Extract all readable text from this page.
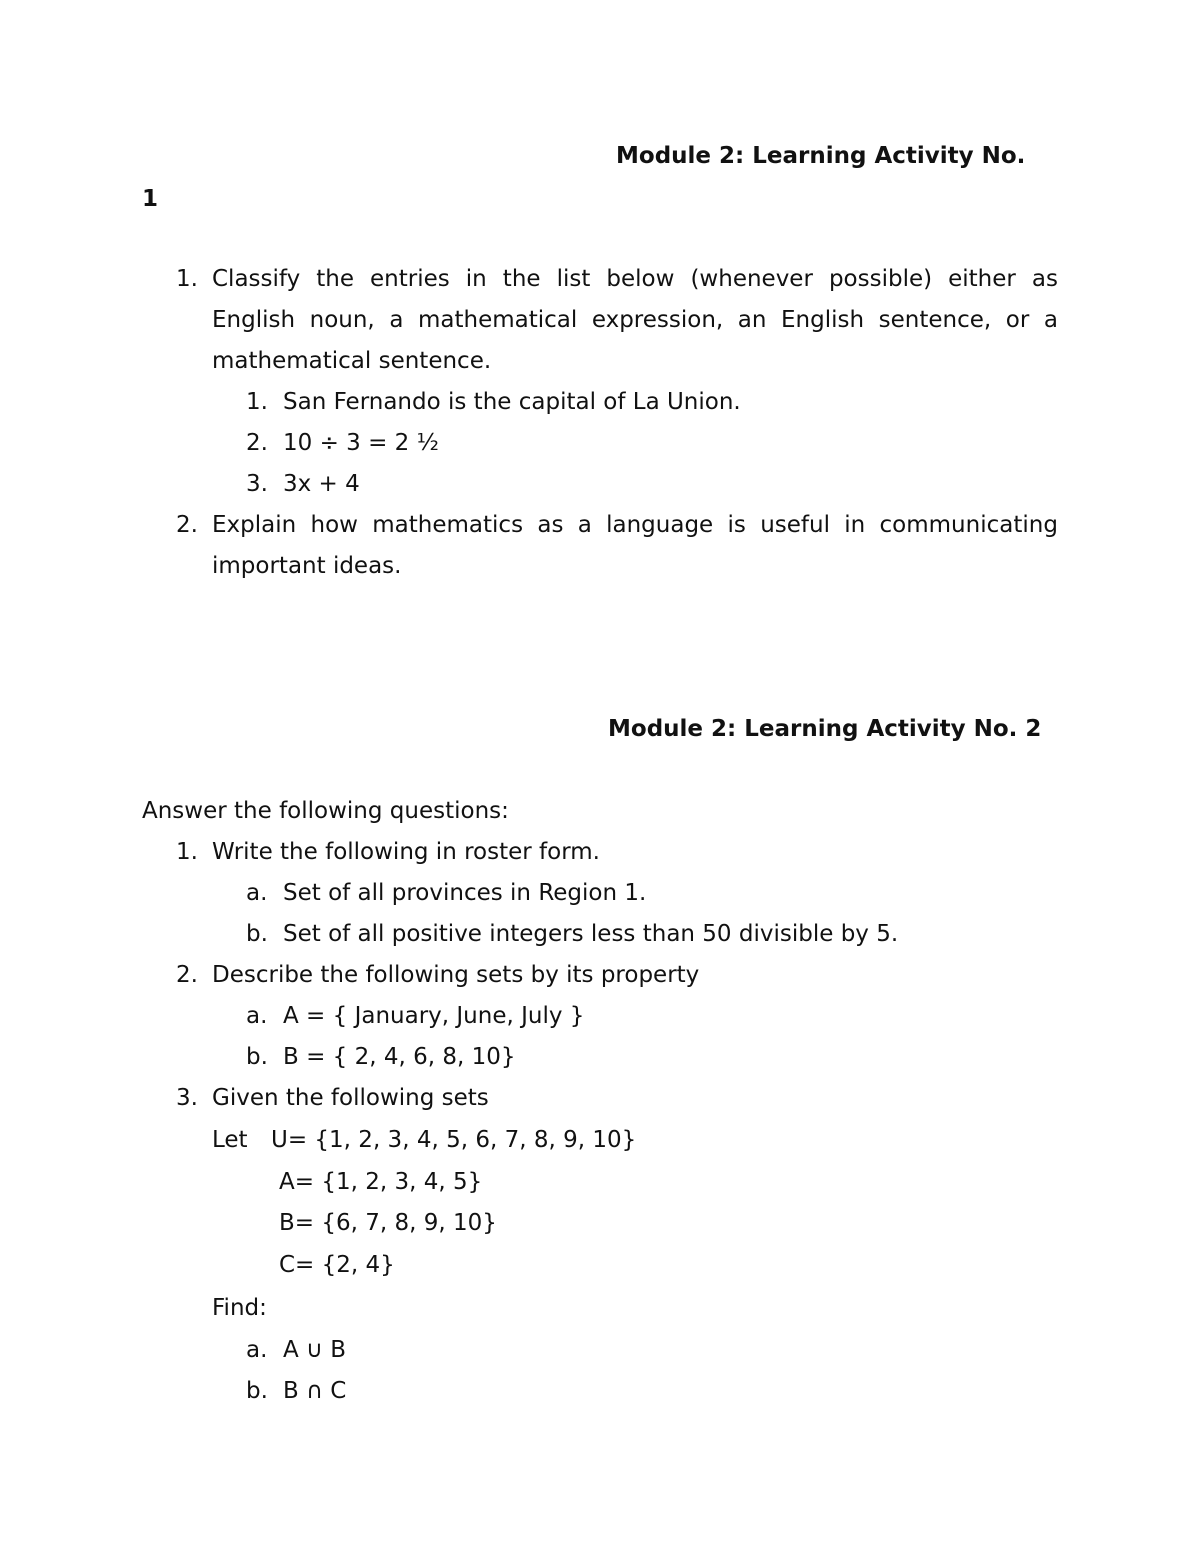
Module 2: Learning Activity No.
1
1. Classify the entries in the list below (whenever possible) either as
English noun, a mathematical expression, an English sentence, or a
mathematical sentence.
1. San Fernando is the capital of La Union.
2. 10 ÷ 3 = 2 ½
3. 3x + 4
2. Explain how mathematics as a language is useful in communicating
important ideas.
Module 2: Learning Activity No. 2
Answer the following questions:
1. Write the following in roster form.
a. Set of all provinces in Region 1.
b. Set of all positive integers less than 50 divisible by 5.
2. Describe the following sets by its property
a. A = { January, June, July }
b. B = { 2, 4, 6, 8, 10}
3. Given the following sets
Let U= {1, 2, 3, 4, 5, 6, 7, 8, 9, 10}
A= {1, 2, 3, 4, 5}
B= {6, 7, 8, 9, 10}
C= {2, 4}
Find:
a. A ∪ B
b. B ∩ C
